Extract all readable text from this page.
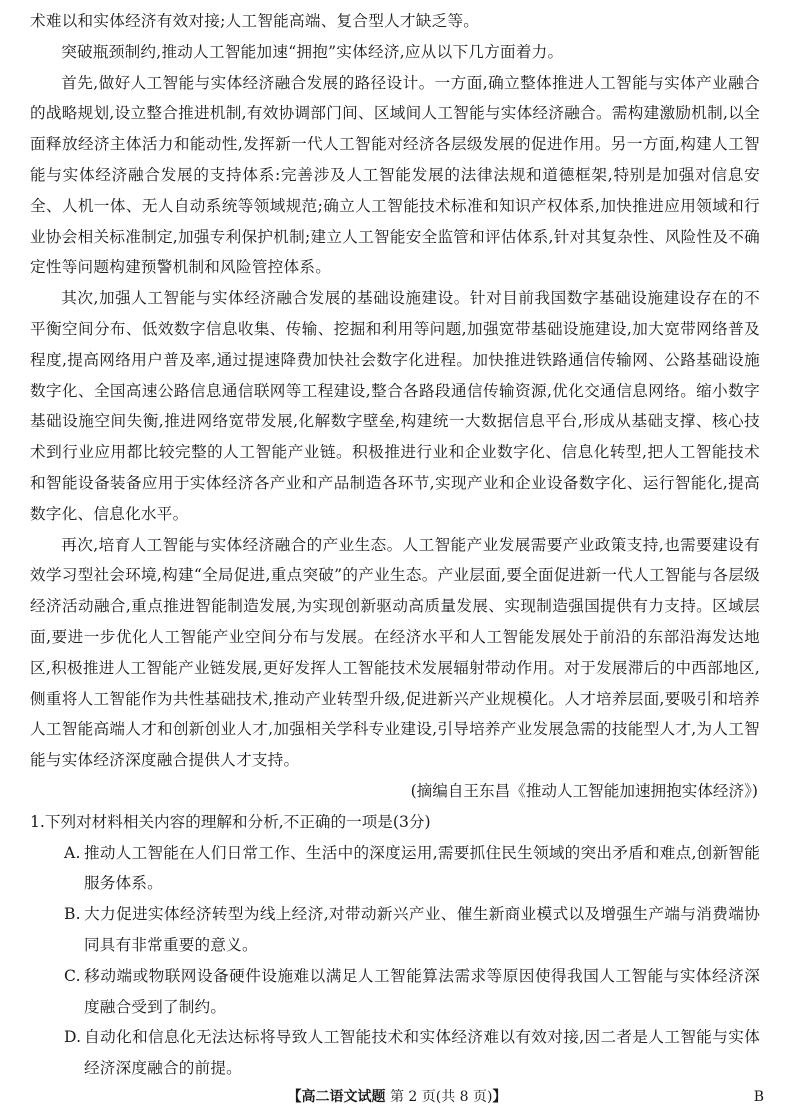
术难以和实体经济有效对接;人工智能高端、复合型人才缺乏等。

突破瓶颈制约,推动人工智能加速“拥抱”实体经济,应从以下几方面着力。

首先,做好人工智能与实体经济融合发展的路径设计。一方面,确立整体推进人工智能与实体产业融合的战略规划,设立整合推进机制,有效协调部门间、区域间人工智能与实体经济融合。需构建激励机制,以全面释放经济主体活力和能动性,发挥新一代人工智能对经济各层级发展的促进作用。另一方面,构建人工智能与实体经济融合发展的支持体系:完善涉及人工智能发展的法律法规和道德框架,特别是加强对信息安全、人机一体、无人自动系统等领域规范;确立人工智能技术标准和知识产权体系,加快推进应用领域和行业协会相关标准制定,加强专利保护机制;建立人工智能安全监管和评估体系,针对其复杂性、风险性及不确定性等问题构建预警机制和风险管控体系。

其次,加强人工智能与实体经济融合发展的基础设施建设。针对目前我国数字基础设施建设存在的不平衡空间分布、低效数字信息收集、传输、挖掘和利用等问题,加强宽带基础设施建设,加大宽带网络普及程度,提高网络用户普及率,通过提速降费加快社会数字化进程。加快推进铁路通信传输网、公路基础设施数字化、全国高速公路信息通信联网等工程建设,整合各路段通信传输资源,优化交通信息网络。缩小数字基础设施空间失衡,推进网络宽带发展,化解数字壁垒,构建统一大数据信息平台,形成从基础支撑、核心技术到行业应用都比较完整的人工智能产业链。积极推进行业和企业数字化、信息化转型,把人工智能技术和智能设备装备应用于实体经济各产业和产品制造各环节,实现产业和企业设备数字化、运行智能化,提高数字化、信息化水平。

再次,培育人工智能与实体经济融合的产业生态。人工智能产业发展需要产业政策支持,也需要建设有效学习型社会环境,构建“全局促进,重点突破”的产业生态。产业层面,要全面促进新一代人工智能与各层级经济活动融合,重点推进智能制造发展,为实现创新驱动高质量发展、实现制造强国提供有力支持。区域层面,要进一步优化人工智能产业空间分布与发展。在经济水平和人工智能发展处于前沿的东部沿海发达地区,积极推进人工智能产业链发展,更好发挥人工智能技术发展辐射带动作用。对于发展滞后的中西部地区,侧重将人工智能作为共性基础技术,推动产业转型升级,促进新兴产业规模化。人才培养层面,要吸引和培养人工智能高端人才和创新创业人才,加强相关学科专业建设,引导培养产业发展急需的技能型人才,为人工智能与实体经济深度融合提供人才支持。

(摘编自王东昌《推动人工智能加速拥抱实体经济》)

1.下列对材料相关内容的理解和分析,不正确的一项是(3分)

A. 推动人工智能在人们日常工作、生活中的深度运用,需要抓住民生领域的突出矛盾和难点,创新智能服务体系。

B. 大力促进实体经济转型为线上经济,对带动新兴产业、催生新商业模式以及增强生产端与消费端协同具有非常重要的意义。

C. 移动端或物联网设备硬件设施难以满足人工智能算法需求等原因使得我国人工智能与实体经济深度融合受到了制约。

D. 自动化和信息化无法达标将导致人工智能技术和实体经济难以有效对接,因二者是人工智能与实体经济深度融合的前提。

【高二语文试题 第 2 页(共 8 页)】	B
